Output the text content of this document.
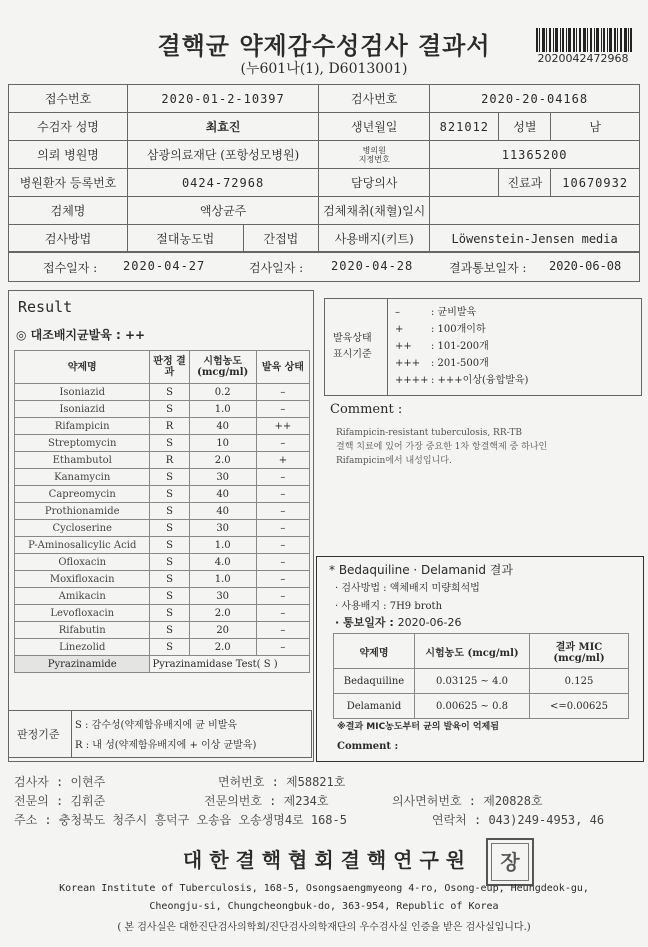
결핵균 약제감수성검사 결과서
(누601나(1), D6013001)
2020042472968
접수번호	2020-01-2-10397		검사번호	2020-20-04168		
수검자 성명	최효진		생년월일	821012	성별	남
의뢰 병원명	삼광의료재단 (포항성모병원)		병의원
지정번호	11365200		
병원환자 등록번호	0424-72968		담당의사		진료과	10670932
검체명	액상균주		검체채취(채혈)일시			
검사방법	절대농도법	간접법	사용배지(키트)	Löwenstein-Jensen media		
접수일자 : 2020-04-27	검사일자 : 2020-04-28	결과통보일자 : 2020-06-08
Result
◎ 대조배지균발육 : ++
약제명	판정 결과	시험농도 (mcg/ml)	발육 상태
Isoniazid	S	0.2	–
Isoniazid	S	1.0	–
Rifampicin	R	40	++
Streptomycin	S	10	–
Ethambutol	R	2.0	+
Kanamycin	S	30	–
Capreomycin	S	40	–
Prothionamide	S	40	–
Cycloserine	S	30	–
P-Aminosalicylic Acid	S	1.0	–
Ofloxacin	S	4.0	–
Moxifloxacin	S	1.0	–
Amikacin	S	30	–
Levofloxacin	S	2.0	–
Rifabutin	S	20	–
Linezolid	S	2.0	–
Pyrazinamide	Pyrazinamidase Test( S )		
판정기준
S : 감수성(약제함유배지에 균 비발육
R : 내 성(약제함유배지에 + 이상 균발육)
발육상태
표시기준
–	: 균비발육
+	: 100개이하
++ : 101-200개
+++ : 201-500개
++++ : +++이상(융합발육)
Comment :
Rifampicin-resistant tuberculosis, RR-TB
결핵 치료에 있어 가장 중요한 1차 항결핵제 중 하나인
Rifampicin에서 내성입니다.
* Bedaquiline · Delamanid 결과
· 검사방법 : 액체배지 미량희석법
· 사용배지 : 7H9 broth
· 통보일자 : 2020-06-26
약제명	시험농도 (mcg/ml)	결과 MIC (mcg/ml)
Bedaquiline	0.03125 ~ 4.0	0.125
Delamanid	0.00625 ~ 0.8	<=0.00625
※결과 MIC농도부터 균의 발육이 억제됨
Comment :
검사자 : 이현주	면허번호 : 제58821호
전문의 : 김휘준	전문의번호 : 제234호	의사면허번호 : 제20828호
주소 : 충청북도 청주시 흥덕구 오송읍 오송생명4로 168-5	연락처 : 043)249-4953, 46
대 한 결 핵 협 회 결 핵 연 구 원	장
Korean Institute of Tuberculosis, 168-5, Osongsaengmyeong 4-ro, Osong-eup, Heungdeok-gu,
Cheongju-si, Chungcheongbuk-do, 363-954, Republic of Korea
( 본 검사실은 대한진단검사의학회/진단검사의학재단의 우수검사실 인증을 받은 검사실입니다.)
